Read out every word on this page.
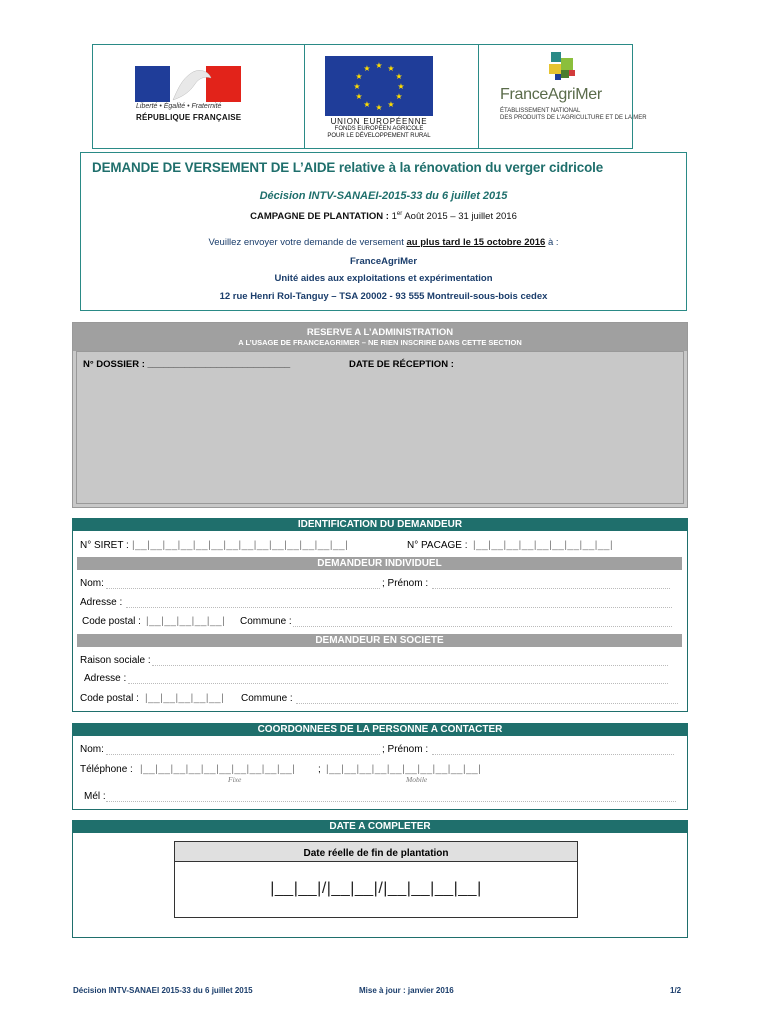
Liberté • Égalité • Fraternité
RÉPUBLIQUE FRANÇAISE
★ ★
★
★
★
★
★
★
★
★
★
★
UNION EUROPÉENNE
FONDS EUROPÉEN AGRICOLE
POUR LE DÉVELOPPEMENT RURAL
FranceAgriMer
ÉTABLISSEMENT NATIONAL
DES PRODUITS DE L'AGRICULTURE ET DE LA MER
DEMANDE DE VERSEMENT DE L’AIDE relative à la rénovation du verger cidricole
Décision INTV-SANAEI-2015-33 du 6 juillet 2015
CAMPAGNE DE PLANTATION : 1er Août 2015 – 31 juillet 2016
Veuillez envoyer votre demande de versement au plus tard le 15 octobre 2016 à :
FranceAgriMer
Unité aides aux exploitations et expérimentation
12 rue Henri Rol-Tanguy – TSA 20002 - 93 555 Montreuil-sous-bois cedex
RESERVE A L’ADMINISTRATION
A L’USAGE DE FRANCEAGRIMER – NE RIEN INSCRIRE DANS CETTE SECTION
N° DOSSIER : ___________________________	DATE DE RÉCEPTION :
IDENTIFICATION DU DEMANDEUR
N° SIRET : |__|__|__|__|__|__|__|__|__|__|__|__|__|__|	N° PACAGE : |__|__|__|__|__|__|__|__|__|
DEMANDEUR INDIVIDUEL
Nom:	; Prénom :
Adresse :
Code postal : |__|__|__|__|__| Commune :
DEMANDEUR EN SOCIETE
Raison sociale :
Adresse :
Code postal : |__|__|__|__|__| Commune :
COORDONNEES DE LA PERSONNE A CONTACTER
Nom:	; Prénom :
Téléphone : |__|__|__|__|__|__|__|__|__|__| ; |__|__|__|__|__|__|__|__|__|__|
Fixe	Mobile
Mél :
DATE A COMPLETER
Date réelle de fin de plantation
|__|__|/|__|__|/|__|__|__|__|
Décision INTV-SANAEI 2015-33 du 6 juillet 2015	Mise à jour : janvier 2016	1/2
